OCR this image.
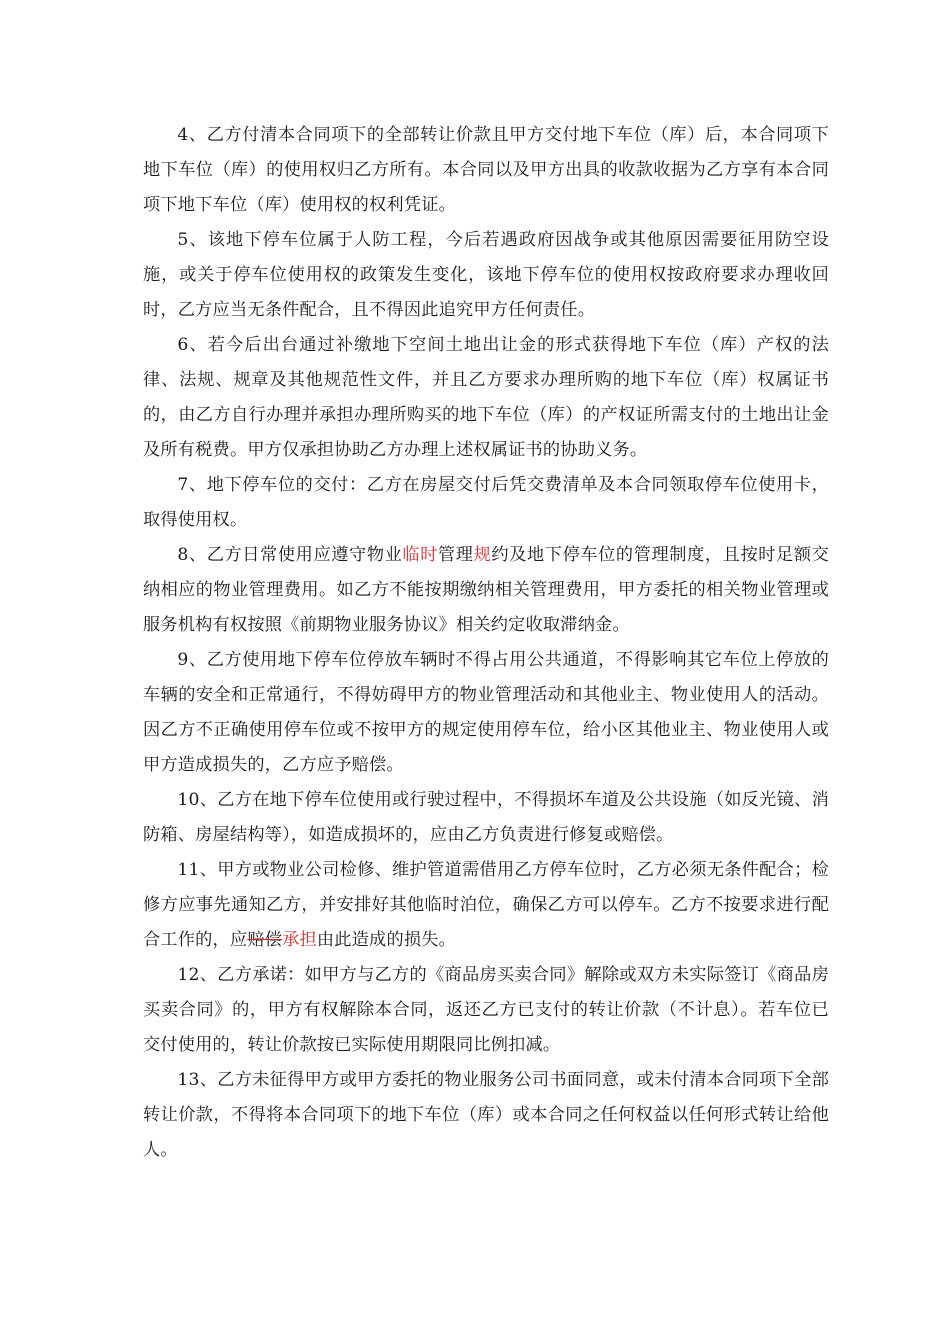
4、乙方付清本合同项下的全部转让价款且甲方交付地下车位（库）后，本合同项下地下车位（库）的使用权归乙方所有。本合同以及甲方出具的收款收据为乙方享有本合同项下地下车位（库）使用权的权利凭证。

5、该地下停车位属于人防工程，今后若遇政府因战争或其他原因需要征用防空设施，或关于停车位使用权的政策发生变化，该地下停车位的使用权按政府要求办理收回时，乙方应当无条件配合，且不得因此追究甲方任何责任。

6、若今后出台通过补缴地下空间土地出让金的形式获得地下车位（库）产权的法律、法规、规章及其他规范性文件，并且乙方要求办理所购的地下车位（库）权属证书的，由乙方自行办理并承担办理所购买的地下车位（库）的产权证所需支付的土地出让金及所有税费。甲方仅承担协助乙方办理上述权属证书的协助义务。

7、地下停车位的交付：乙方在房屋交付后凭交费清单及本合同领取停车位使用卡，取得使用权。

8、乙方日常使用应遵守物业临时管理规约及地下停车位的管理制度，且按时足额交纳相应的物业管理费用。如乙方不能按期缴纳相关管理费用，甲方委托的相关物业管理或服务机构有权按照《前期物业服务协议》相关约定收取滞纳金。

9、乙方使用地下停车位停放车辆时不得占用公共通道，不得影响其它车位上停放的车辆的安全和正常通行，不得妨碍甲方的物业管理活动和其他业主、物业使用人的活动。因乙方不正确使用停车位或不按甲方的规定使用停车位，给小区其他业主、物业使用人或甲方造成损失的，乙方应予赔偿。

10、乙方在地下停车位使用或行驶过程中，不得损坏车道及公共设施（如反光镜、消防箱、房屋结构等），如造成损坏的，应由乙方负责进行修复或赔偿。

11、甲方或物业公司检修、维护管道需借用乙方停车位时，乙方必须无条件配合；检修方应事先通知乙方，并安排好其他临时泊位，确保乙方可以停车。乙方不按要求进行配合工作的，应赔偿承担由此造成的损失。

12、乙方承诺：如甲方与乙方的《商品房买卖合同》解除或双方未实际签订《商品房买卖合同》的，甲方有权解除本合同，返还乙方已支付的转让价款（不计息）。若车位已交付使用的，转让价款按已实际使用期限同比例扣减。

13、乙方未征得甲方或甲方委托的物业服务公司书面同意，或未付清本合同项下全部转让价款，不得将本合同项下的地下车位（库）或本合同之任何权益以任何形式转让给他人。
